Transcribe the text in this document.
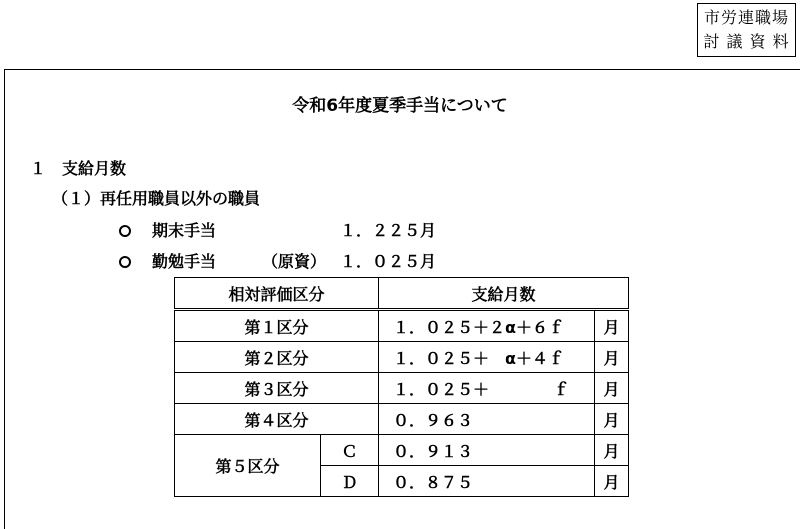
市労連職場
討 議 資 料
令和6年度夏季手当について
１　支給月数
（１）再任用職員以外の職員
期末手当	１．２２５月
勤勉手当	（原資） １．０２５月
相対評価区分		支給月数	
第１区分		１．０２５＋２α＋６ｆ	月
第２区分		１．０２５＋　α＋４ｆ	月
第３区分		１．０２５＋　　　　ｆ	月
第４区分		０．９６３	月
第５区分	Ｃ	０．９１３	月
	Ｄ	０．８７５	月
